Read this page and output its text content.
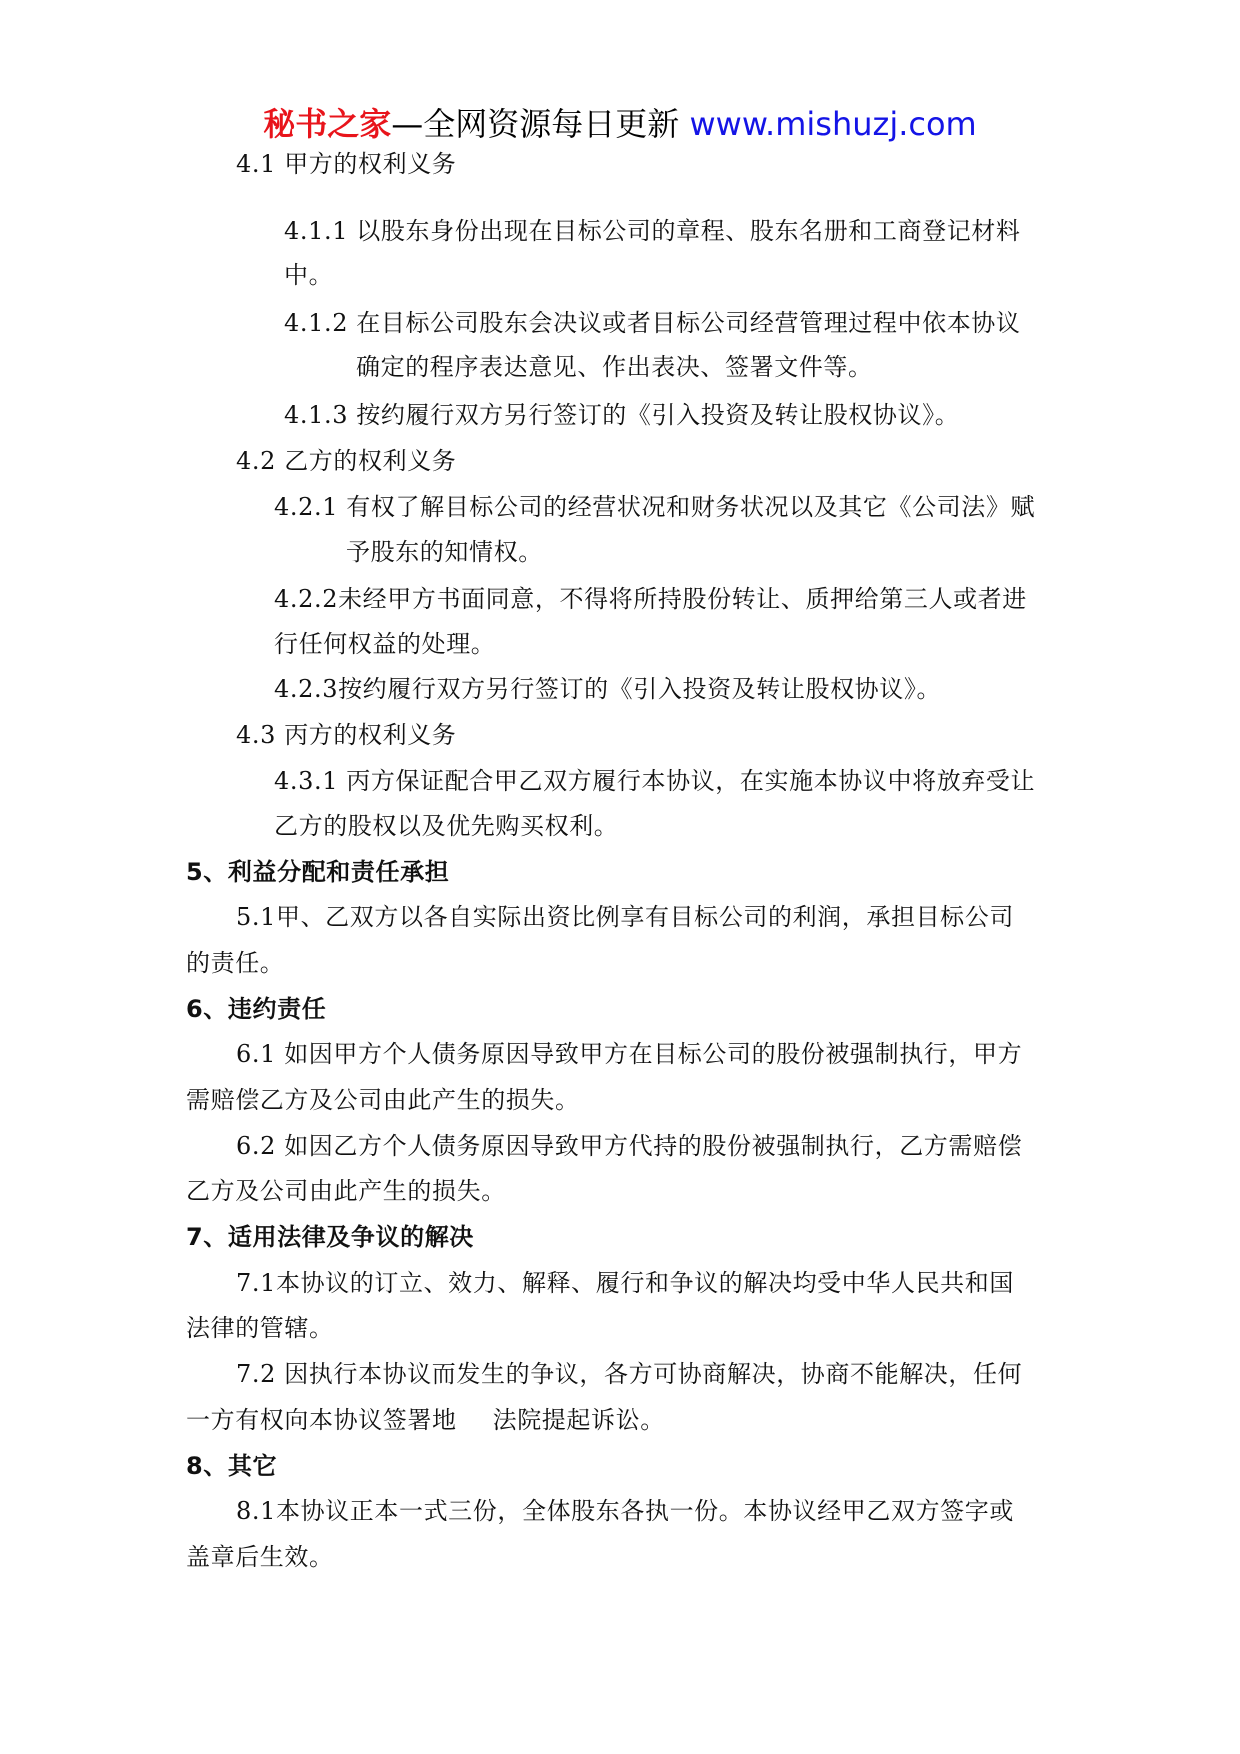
秘书之家—全网资源每日更新 www.mishuzj.com
4.1 甲方的权利义务
4.1.1 以股东身份出现在目标公司的章程、股东名册和工商登记材料
中。
4.1.2 在目标公司股东会决议或者目标公司经营管理过程中依本协议
确定的程序表达意见、作出表决、签署文件等。
4.1.3 按约履行双方另行签订的《引入投资及转让股权协议》。
4.2 乙方的权利义务
4.2.1 有权了解目标公司的经营状况和财务状况以及其它《公司法》赋
予股东的知情权。
4.2.2未经甲方书面同意，不得将所持股份转让、质押给第三人或者进
行任何权益的处理。
4.2.3按约履行双方另行签订的《引入投资及转让股权协议》。
4.3 丙方的权利义务
4.3.1 丙方保证配合甲乙双方履行本协议，在实施本协议中将放弃受让
乙方的股权以及优先购买权利。
5、利益分配和责任承担
5.1甲、乙双方以各自实际出资比例享有目标公司的利润，承担目标公司
的责任。
6、违约责任
6.1 如因甲方个人债务原因导致甲方在目标公司的股份被强制执行，甲方
需赔偿乙方及公司由此产生的损失。
6.2 如因乙方个人债务原因导致甲方代持的股份被强制执行，乙方需赔偿
乙方及公司由此产生的损失。
7、适用法律及争议的解决
7.1本协议的订立、效力、解释、履行和争议的解决均受中华人民共和国
法律的管辖。
7.2 因执行本协议而发生的争议，各方可协商解决，协商不能解决，任何
一方有权向本协议签署地 法院提起诉讼。
8、其它
8.1本协议正本一式三份，全体股东各执一份。本协议经甲乙双方签字或
盖章后生效。
